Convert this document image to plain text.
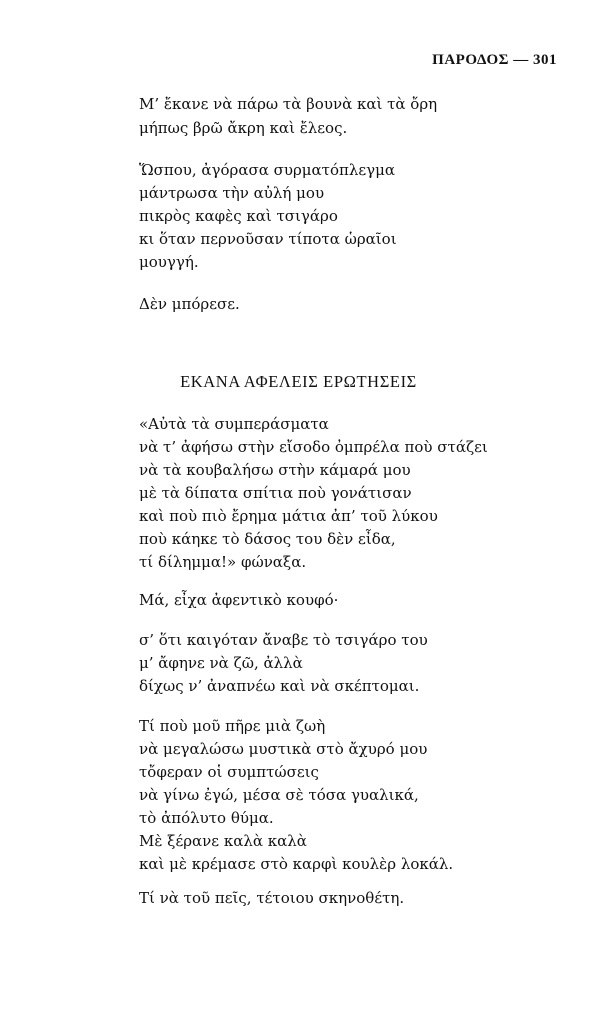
ΠΑΡΟΔΟΣ — 301
Μ’ ἔκανε νὰ πάρω τὰ βουνὰ καὶ τὰ ὄρη
μήπως βρῶ ἄκρη καὶ ἔλεος.
Ὥσπου, ἀγόρασα συρματόπλεγμα
μάντρωσα τὴν αὐλή μου
πικρὸς καφὲς καὶ τσιγάρο
κι ὅταν περνοῦσαν τίποτα ὡραῖοι
μουγγή.
Δὲν μπόρεσε.
ΕΚΑΝΑ ΑΦΕΛΕΙΣ ΕΡΩΤΗΣΕΙΣ
«Αὐτὰ τὰ συμπεράσματα
νὰ τ’ ἀφήσω στὴν εἴσοδο ὀμπρέλα ποὺ στάζει
νὰ τὰ κουβαλήσω στὴν κάμαρά μου
μὲ τὰ δίπατα σπίτια ποὺ γονάτισαν
καὶ ποὺ πιὸ ἔρημα μάτια ἀπ’ τοῦ λύκου
ποὺ κάηκε τὸ δάσος του δὲν εἶδα,
τί δίλημμα!» φώναξα.
Μά, εἶχα ἀφεντικὸ κουφό·
σ’ ὅτι καιγόταν ἄναβε τὸ τσιγάρο του
μ’ ἄφηνε νὰ ζῶ, ἀλλὰ
δίχως ν’ ἀναπνέω καὶ νὰ σκέπτομαι.
Τί ποὺ μοῦ πῆρε μιὰ ζωὴ
νὰ μεγαλώσω μυστικὰ στὸ ἄχυρό μου
τὄφεραν οἱ συμπτώσεις
νὰ γίνω ἐγώ, μέσα σὲ τόσα γυαλικά,
τὸ ἀπόλυτο θύμα.
Μὲ ξέρανε καλὰ καλὰ
καὶ μὲ κρέμασε στὸ καρφὶ κουλὲρ λοκάλ.
Τί νὰ τοῦ πεῖς, τέτοιου σκηνοθέτη.
